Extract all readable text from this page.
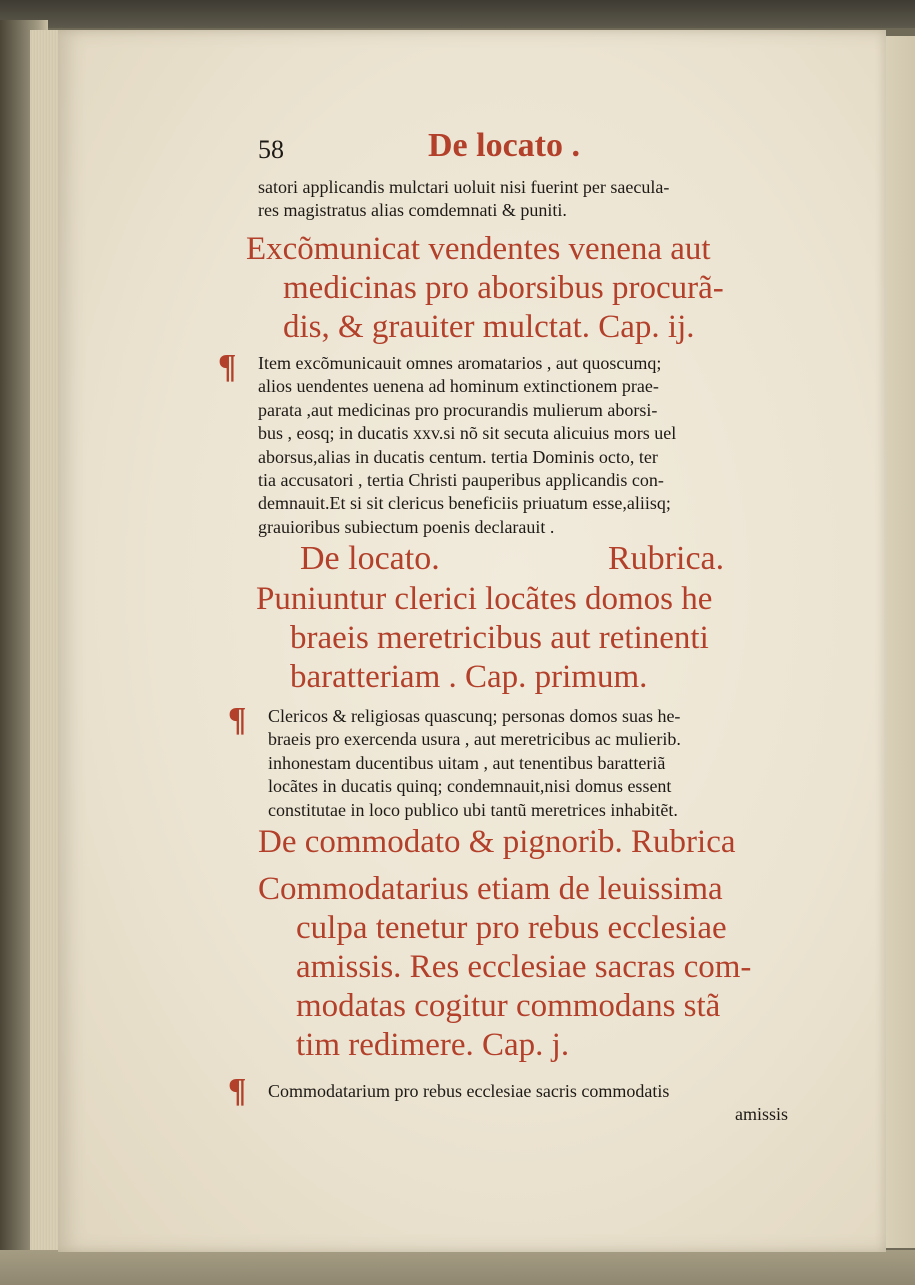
58	De locato .
satori applicandis mulctari uoluit nisi fuerint per saecula-
res magistratus alias comdemnati & puniti.
Excõmunicat vendentes venena aut
medicinas pro aborsibus procurã-
dis, & grauiter mulctat. Cap. ij.
¶ Item excõmunicauit omnes aromatarios , aut quoscumq;
alios uendentes uenena ad hominum extinctionem prae-
parata ,aut medicinas pro procurandis mulierum aborsi-
bus , eosq; in ducatis xxv.si nõ sit secuta alicuius mors uel
aborsus,alias in ducatis centum. tertia Dominis octo, ter
tia accusatori , tertia Christi pauperibus applicandis con-
demnauit.Et si sit clericus beneficiis priuatum esse,aliisq;
grauioribus subiectum poenis declarauit .
De locato.	Rubrica.
Puniuntur clerici locãtes domos he
braeis meretricibus aut retinenti
baratteriam . Cap. primum.
¶ Clericos & religiosas quascunq; personas domos suas he-
braeis pro exercenda usura , aut meretricibus ac mulierib.
inhonestam ducentibus uitam , aut tenentibus baratteriã
locãtes in ducatis quinq; condemnauit,nisi domus essent
constitutae in loco publico ubi tantũ meretrices inhabitẽt.
De commodato & pignorib. Rubrica
Commodatarius etiam de leuissima
culpa tenetur pro rebus ecclesiae
amissis. Res ecclesiae sacras com-
modatas cogitur commodans stã
tim redimere. Cap. j.
¶ Commodatarium pro rebus ecclesiae sacris commodatis
amissis
